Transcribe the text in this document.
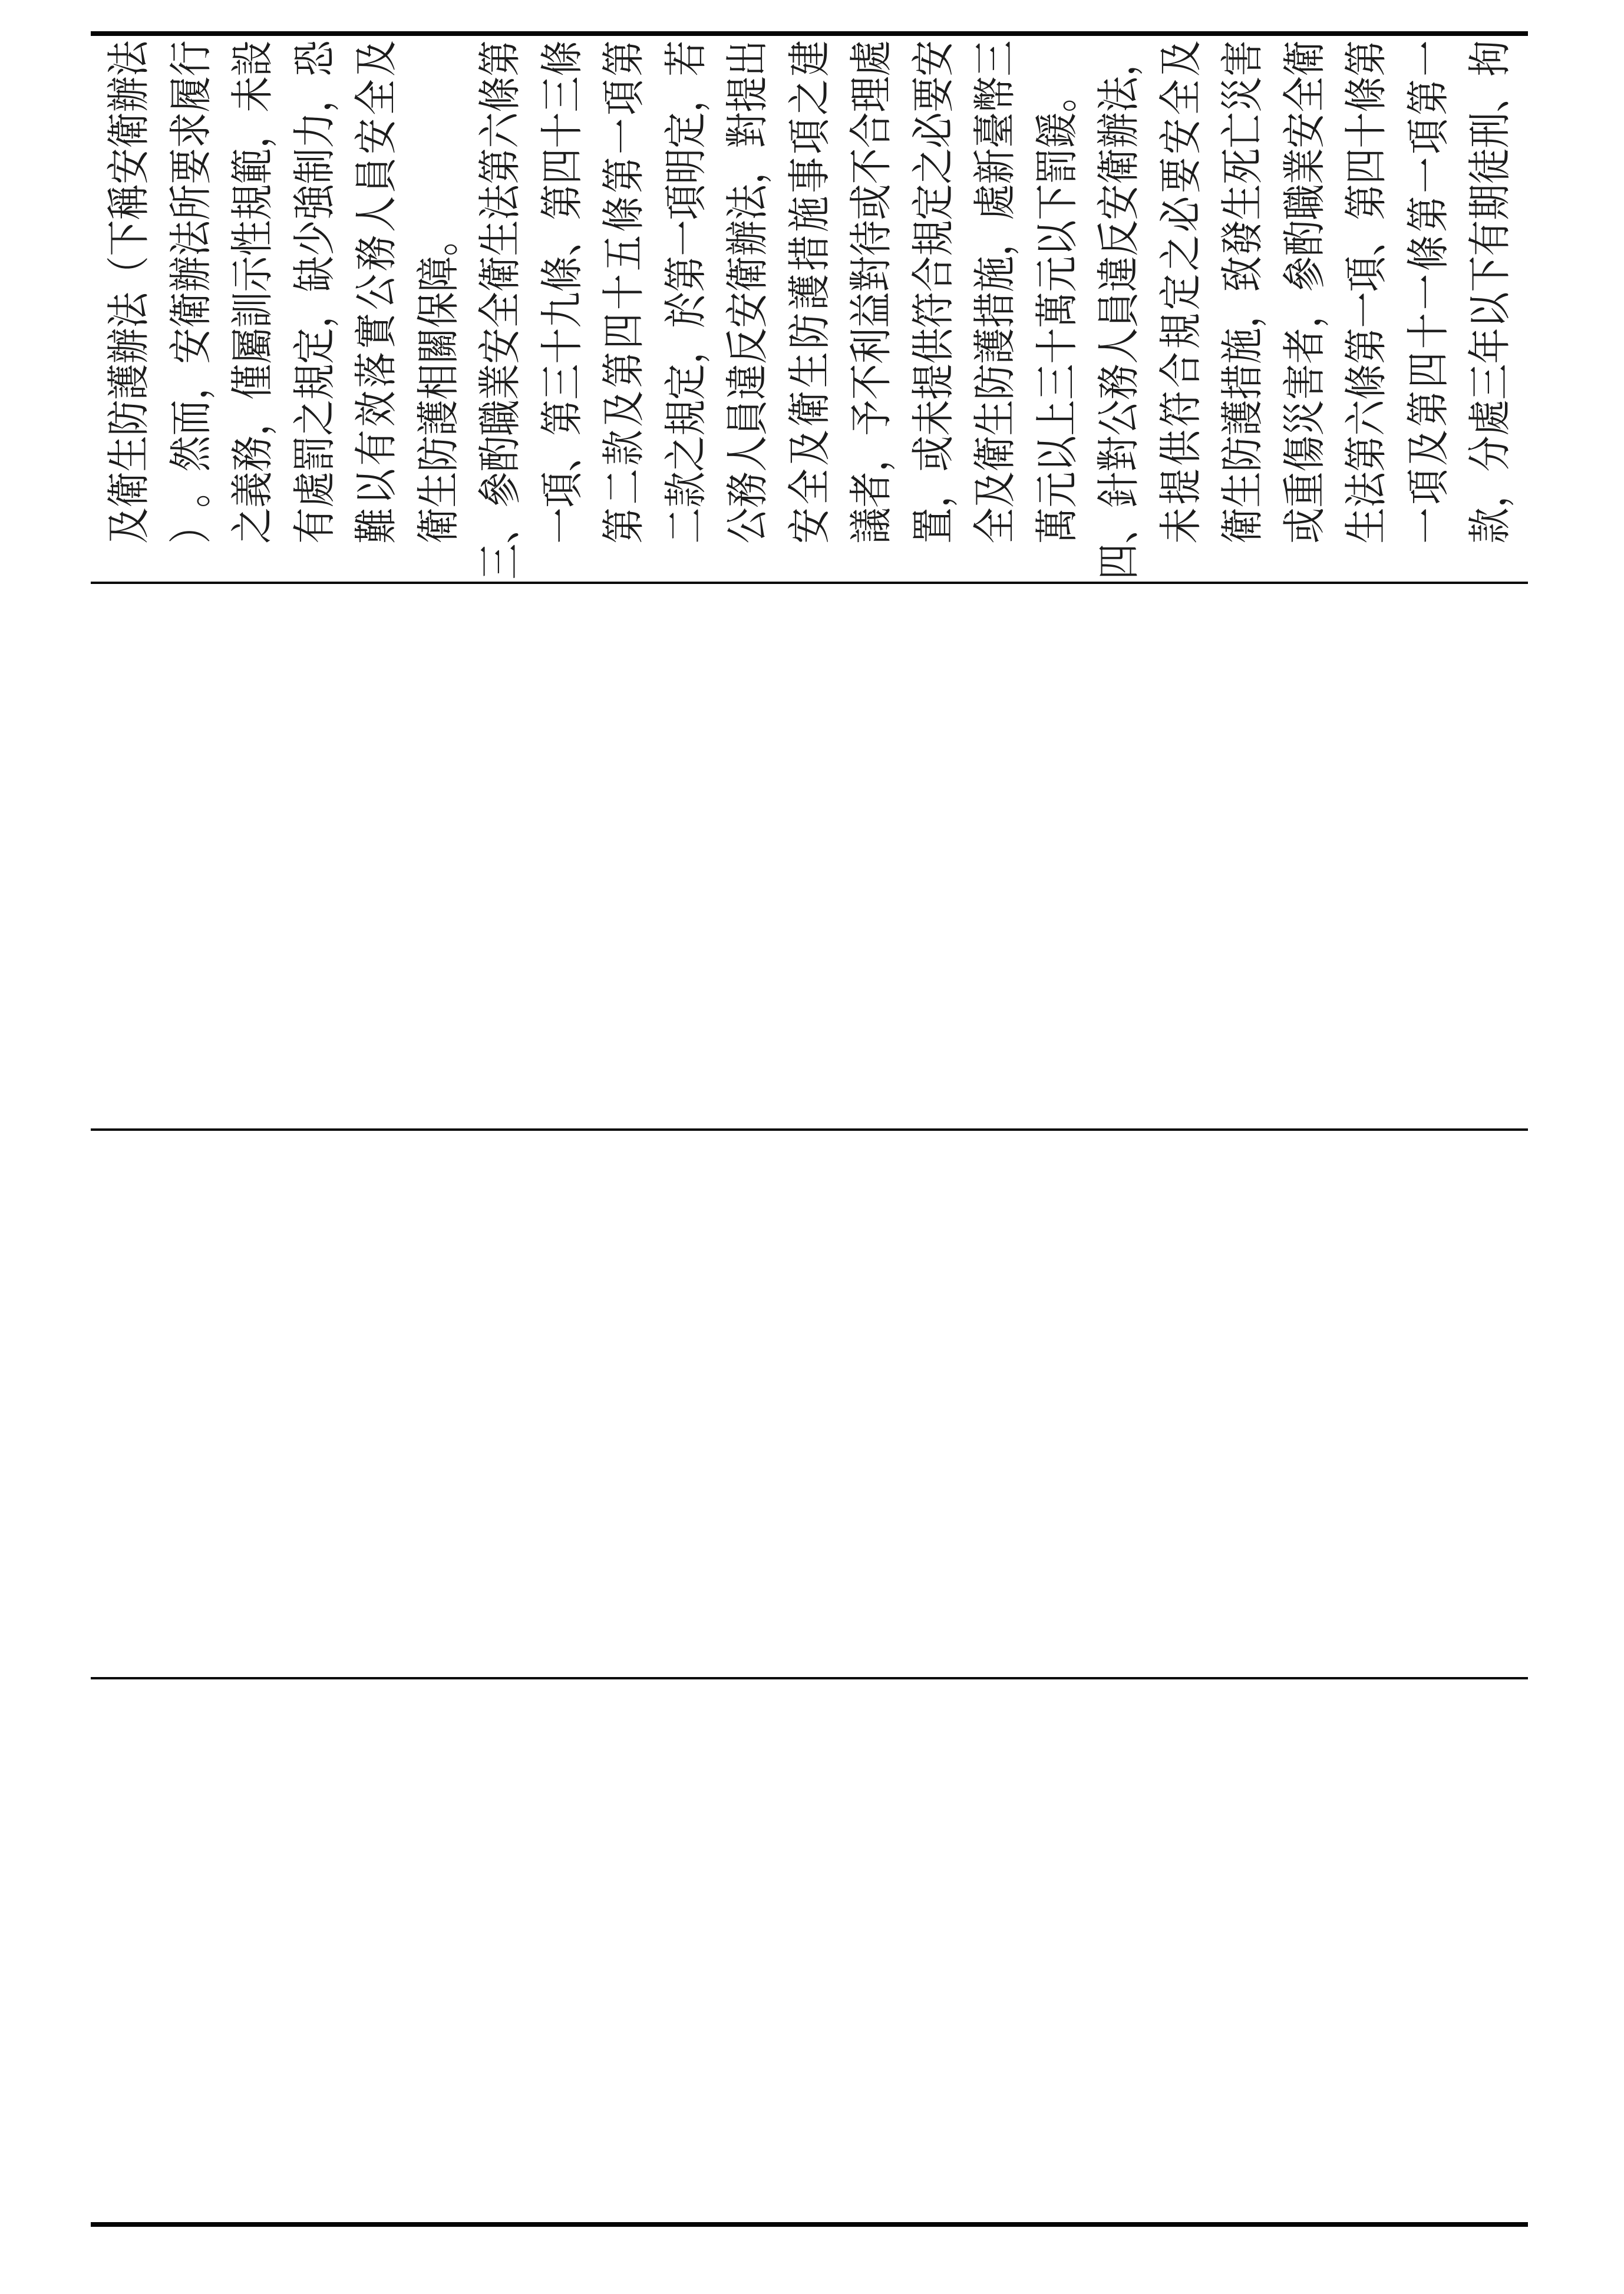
及
衛
生
防
護
辦
法
（
下
稱
安
衛
辦
法
）
。
然
而
，
安
衛
辦
法
所
要
求
履
行
之
義
務
，
僅
屬
訓
示
性
規
範
，
未
設
有
處
罰
之
規
定
，
缺
少
強
制
力
，
恐
難
以
有
效
落
實
公
務
人
員
安
全
及
衛
生
防
護
相
關
保
障
。
三
、
參
酌
職
業
安
全
衛
生
法
第
六
條
第
一
項
、
第
三
十
九
條
、
第
四
十
三
條
第
二
款
及
第
四
十
五
條
第
一
項
第
二
款
之
規
定
，
於
第
一
項
明
定
，
若
公
務
人
員
違
反
安
衛
辦
法
，
對
提
出
安
全
及
衛
生
防
護
措
施
事
項
之
建
議
者
，
予
不
利
益
對
待
或
不
合
理
處
置
，
或
未
提
供
符
合
規
定
之
必
要
安
全
及
衛
生
防
護
措
施
，
處
新
臺
幣
三
萬
元
以
上
三
十
萬
元
以
下
罰
鍰
。
四
、
針
對
公
務
人
員
違
反
安
衛
辦
法
，
未
提
供
符
合
規
定
之
必
要
安
全
及
衛
生
防
護
措
施
，
致
發
生
死
亡
災
害
或
重
傷
災
害
者
，
參
酌
職
業
安
全
衛
生
法
第
六
條
第
一
項
、
第
四
十
條
第
一
項
及
第
四
十
一
條
第
一
項
第
一
款
，
分
處
三
年
以
下
有
期
徒
刑
、
拘
